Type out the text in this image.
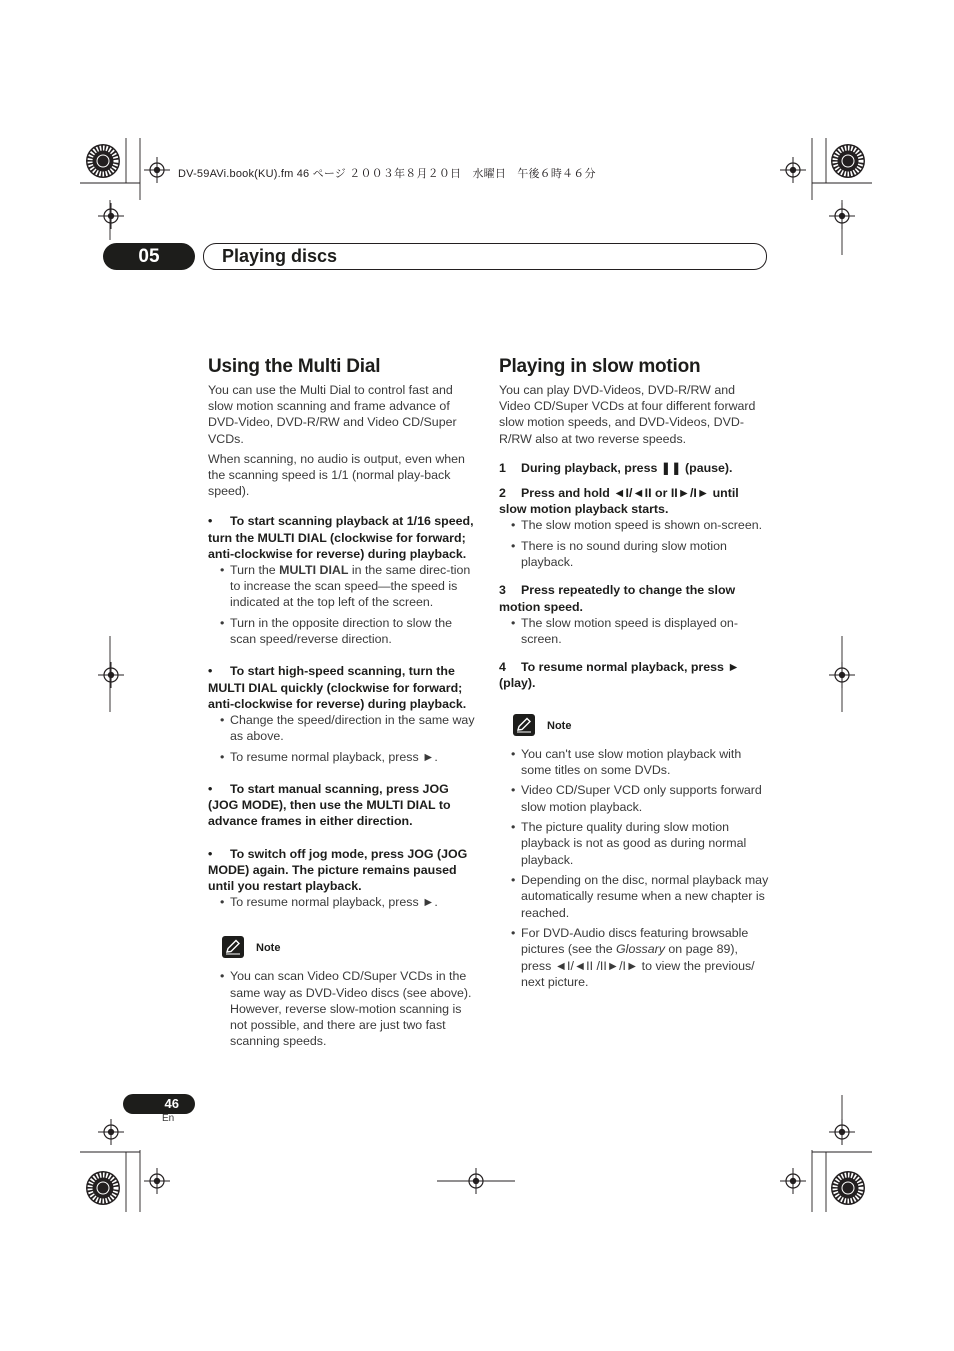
DV-59AVi.book(KU).fm 46 ページ ２００３年８月２０日　水曜日　午後６時４６分
05	Playing discs
Using the Multi Dial

You can use the Multi Dial to control fast and slow motion scanning and frame advance of DVD-Video, DVD-R/RW and Video CD/Super VCDs.

When scanning, no audio is output, even when the scanning speed is 1/1 (normal play-back speed).

• To start scanning playback at 1/16 speed, turn the MULTI DIAL (clockwise for forward; anti-clockwise for reverse) during playback.
• Turn the MULTI DIAL in the same direc-tion to increase the scan speed—the speed is indicated at the top left of the screen.
• Turn in the opposite direction to slow the scan speed/reverse direction.
• To start high-speed scanning, turn the MULTI DIAL quickly (clockwise for forward; anti-clockwise for reverse) during playback.
• Change the speed/direction in the same way as above.
• To resume normal playback, press ►.
• To start manual scanning, press JOG (JOG MODE), then use the MULTI DIAL to advance frames in either direction.
• To switch off jog mode, press JOG (JOG MODE) again. The picture remains paused until you restart playback.
• To resume normal playback, press ►.
Note
• You can scan Video CD/Super VCDs in the same way as DVD-Video discs (see above). However, reverse slow-motion scanning is not possible, and there are just two fast scanning speeds.
Playing in slow motion

You can play DVD-Videos, DVD-R/RW and Video CD/Super VCDs at four different forward slow motion speeds, and DVD-Videos, DVD-R/RW also at two reverse speeds.

1 During playback, press ❚❚ (pause).
2 Press and hold ◄I/◄II or II►/I► until slow motion playback starts.
• The slow motion speed is shown on-screen.
• There is no sound during slow motion playback.
3 Press repeatedly to change the slow motion speed.
• The slow motion speed is displayed on-screen.
4 To resume normal playback, press ► (play).
Note
• You can't use slow motion playback with some titles on some DVDs.
• Video CD/Super VCD only supports forward slow motion playback.
• The picture quality during slow motion playback is not as good as during normal playback.
• Depending on the disc, normal playback may automatically resume when a new chapter is reached.
• For DVD-Audio discs featuring browsable pictures (see the Glossary on page 89), press ◄I/◄II /II►/I► to view the previous/ next picture.
46
En
